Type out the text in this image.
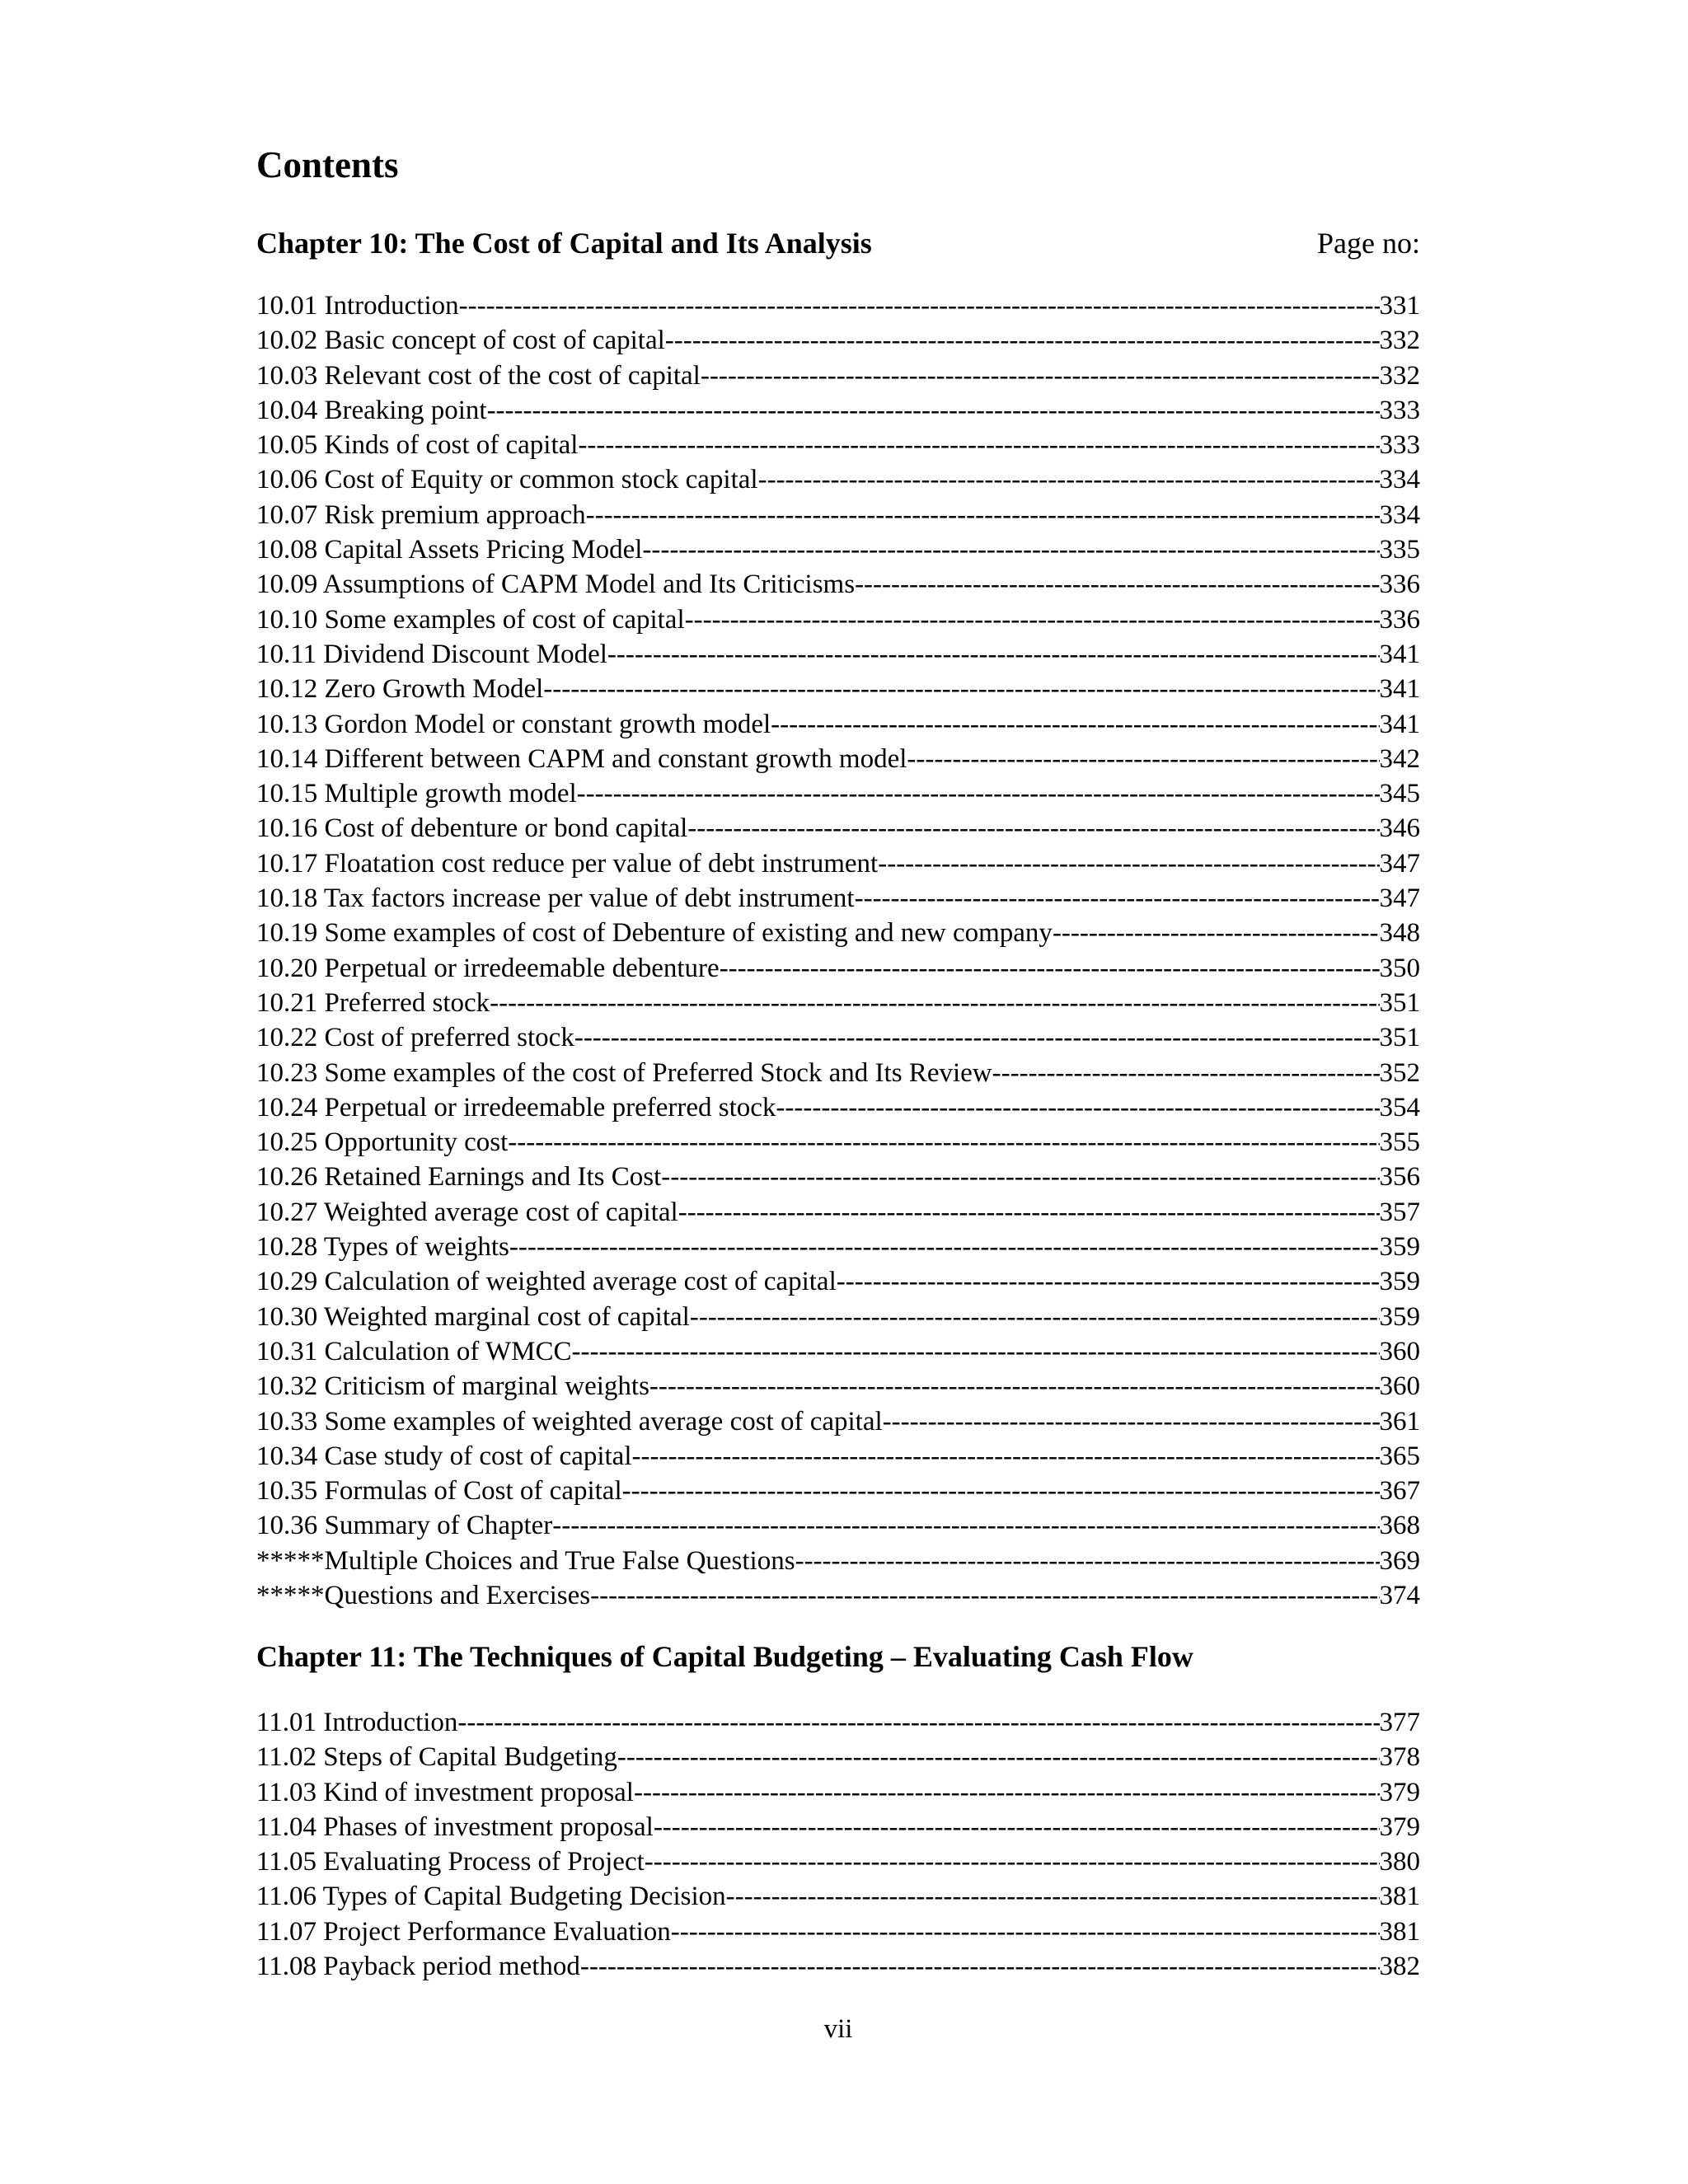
Contents
Chapter 10: The Cost of Capital and Its Analysis	Page no:
10.01 Introduction -----	331
10.02 Basic concept of cost of capital -----	332
10.03 Relevant cost of the cost of capital -----	332
10.04 Breaking point -----	333
10.05 Kinds of cost of capital -----	333
10.06 Cost of Equity or common stock capital -----	334
10.07 Risk premium approach -----	334
10.08 Capital Assets Pricing Model -----	335
10.09 Assumptions of CAPM Model and Its Criticisms -----	336
10.10 Some examples of cost of capital -----	336
10.11 Dividend Discount Model -----	341
10.12 Zero Growth Model -----	341
10.13 Gordon Model or constant growth model -----	341
10.14 Different between CAPM and constant growth model -----	342
10.15 Multiple growth model -----	345
10.16 Cost of debenture or bond capital -----	346
10.17 Floatation cost reduce per value of debt instrument -----	347
10.18 Tax factors increase per value of debt instrument -----	347
10.19 Some examples of cost of Debenture of existing and new company -----	348
10.20 Perpetual or irredeemable debenture -----	350
10.21 Preferred stock -----	351
10.22 Cost of preferred stock -----	351
10.23 Some examples of the cost of Preferred Stock and Its Review -----	352
10.24 Perpetual or irredeemable preferred stock -----	354
10.25 Opportunity cost -----	355
10.26 Retained Earnings and Its Cost -----	356
10.27 Weighted average cost of capital -----	357
10.28 Types of weights -----	359
10.29 Calculation of weighted average cost of capital -----	359
10.30 Weighted marginal cost of capital -----	359
10.31 Calculation of WMCC -----	360
10.32 Criticism of marginal weights -----	360
10.33 Some examples of weighted average cost of capital -----	361
10.34 Case study of cost of capital -----	365
10.35 Formulas of Cost of capital -----	367
10.36 Summary of Chapter -----	368
*****Multiple Choices and True False Questions -----	369
*****Questions and Exercises -----	374
Chapter 11: The Techniques of Capital Budgeting – Evaluating Cash Flow
11.01 Introduction -----	377
11.02 Steps of Capital Budgeting -----	378
11.03 Kind of investment proposal -----	379
11.04 Phases of investment proposal -----	379
11.05 Evaluating Process of Project -----	380
11.06 Types of Capital Budgeting Decision -----	381
11.07 Project Performance Evaluation -----	381
11.08 Payback period method -----	382
vii
